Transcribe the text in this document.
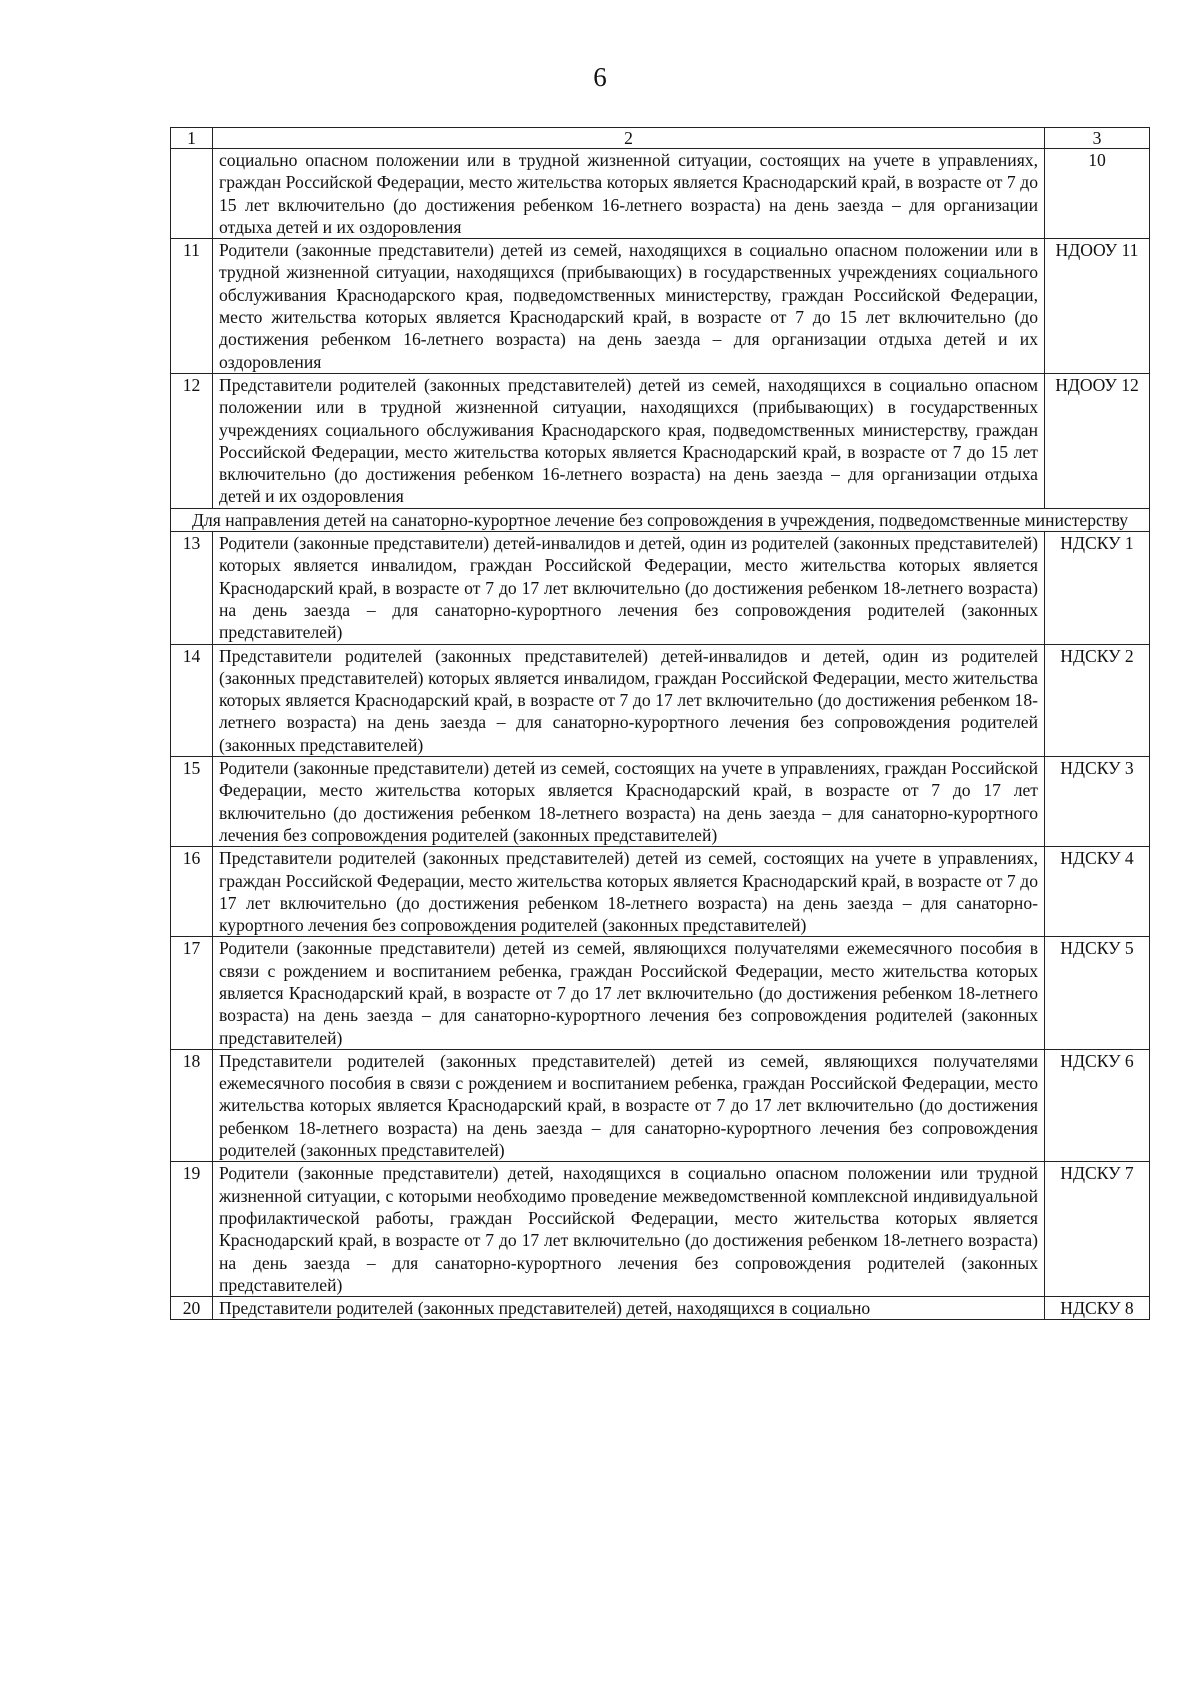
6
1	2	3
	социально опасном положении или в трудной жизненной ситуации, состоящих на учете в управлениях, граждан Российской Федерации, место жительства которых является Краснодарский край, в возрасте от 7 до 15 лет включительно (до достижения ребенком 16-летнего возраста) на день заезда – для организации отдыха детей и их оздоровления	10
11	Родители (законные представители) детей из семей, находящихся в социально опасном положении или в трудной жизненной ситуации, находящихся (прибывающих) в государственных учреждениях социального обслуживания Краснодарского края, подведомственных министерству, граждан Российской Федерации, место жительства которых является Краснодарский край, в возрасте от 7 до 15 лет включительно (до достижения ребенком 16-летнего возраста) на день заезда – для организации отдыха детей и их оздоровления	НДООУ 11
12	Представители родителей (законных представителей) детей из семей, находящихся в социально опасном положении или в трудной жизненной ситуации, находящихся (прибывающих) в государственных учреждениях социального обслуживания Краснодарского края, подведомственных министерству, граждан Российской Федерации, место жительства которых является Краснодарский край, в возрасте от 7 до 15 лет включительно (до достижения ребенком 16-летнего возраста) на день заезда – для организации отдыха детей и их оздоровления	НДООУ 12
Для направления детей на санаторно-курортное лечение без сопровождения в учреждения, подведомственные министерству		
13	Родители (законные представители) детей-инвалидов и детей, один из родителей (законных представителей) которых является инвалидом, граждан Российской Федерации, место жительства которых является Краснодарский край, в возрасте от 7 до 17 лет включительно (до достижения ребенком 18-летнего возраста) на день заезда – для санаторно-курортного лечения без сопровождения родителей (законных представителей)	НДСКУ 1
14	Представители родителей (законных представителей) детей-инвалидов и детей, один из родителей (законных представителей) которых является инвалидом, граждан Российской Федерации, место жительства которых является Краснодарский край, в возрасте от 7 до 17 лет включительно (до достижения ребенком 18-летнего возраста) на день заезда – для санаторно-курортного лечения без сопровождения родителей (законных представителей)	НДСКУ 2
15	Родители (законные представители) детей из семей, состоящих на учете в управлениях, граждан Российской Федерации, место жительства которых является Краснодарский край, в возрасте от 7 до 17 лет включительно (до достижения ребенком 18-летнего возраста) на день заезда – для санаторно-курортного лечения без сопровождения родителей (законных представителей)	НДСКУ 3
16	Представители родителей (законных представителей) детей из семей, состоящих на учете в управлениях, граждан Российской Федерации, место жительства которых является Краснодарский край, в возрасте от 7 до 17 лет включительно (до достижения ребенком 18-летнего возраста) на день заезда – для санаторно-курортного лечения без сопровождения родителей (законных представителей)	НДСКУ 4
17	Родители (законные представители) детей из семей, являющихся получателями ежемесячного пособия в связи с рождением и воспитанием ребенка, граждан Российской Федерации, место жительства которых является Краснодарский край, в возрасте от 7 до 17 лет включительно (до достижения ребенком 18-летнего возраста) на день заезда – для санаторно-курортного лечения без сопровождения родителей (законных представителей)	НДСКУ 5
18	Представители родителей (законных представителей) детей из семей, являющихся получателями ежемесячного пособия в связи с рождением и воспитанием ребенка, граждан Российской Федерации, место жительства которых является Краснодарский край, в возрасте от 7 до 17 лет включительно (до достижения ребенком 18-летнего возраста) на день заезда – для санаторно-курортного лечения без сопровождения родителей (законных представителей)	НДСКУ 6
19	Родители (законные представители) детей, находящихся в социально опасном положении или трудной жизненной ситуации, с которыми необходимо проведение межведомственной комплексной индивидуальной профилактической работы, граждан Российской Федерации, место жительства которых является Краснодарский край, в возрасте от 7 до 17 лет включительно (до достижения ребенком 18-летнего возраста) на день заезда – для санаторно-курортного лечения без сопровождения родителей (законных представителей)	НДСКУ 7
20	Представители родителей (законных представителей) детей, находящихся в социально	НДСКУ 8
